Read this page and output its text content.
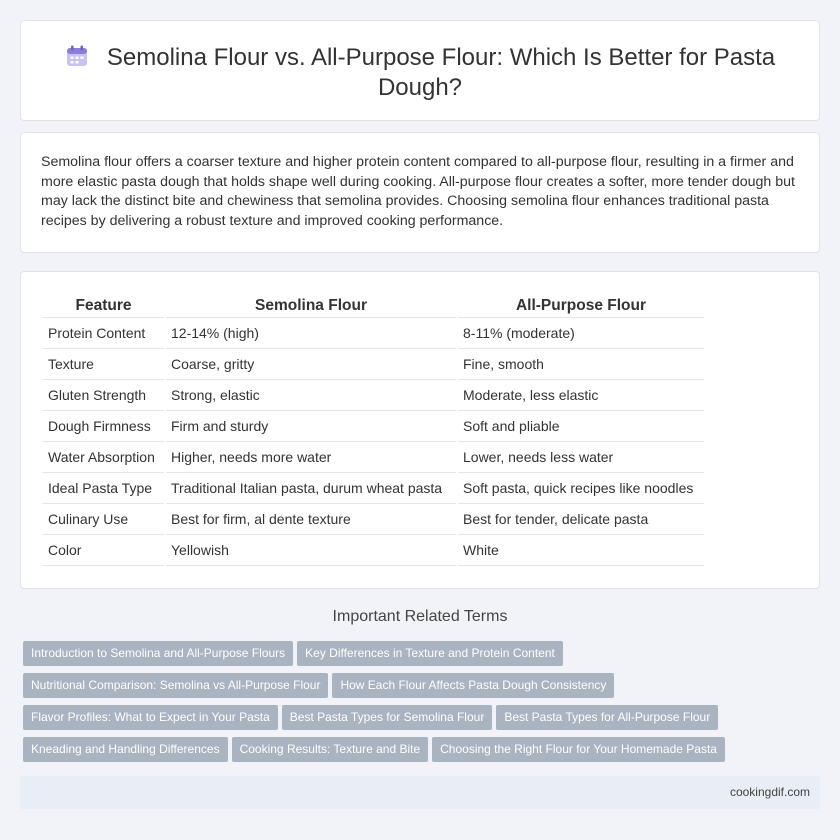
Semolina Flour vs. All-Purpose Flour: Which Is Better for Pasta Dough?

Semolina flour offers a coarser texture and higher protein content compared to all-purpose flour, resulting in a firmer and more elastic pasta dough that holds shape well during cooking. All-purpose flour creates a softer, more tender dough but may lack the distinct bite and chewiness that semolina provides. Choosing semolina flour enhances traditional pasta recipes by delivering a robust texture and improved cooking performance.

Feature	Semolina Flour	All-Purpose Flour
Protein Content	12-14% (high)	8-11% (moderate)
Texture	Coarse, gritty	Fine, smooth
Gluten Strength	Strong, elastic	Moderate, less elastic
Dough Firmness	Firm and sturdy	Soft and pliable
Water Absorption	Higher, needs more water	Lower, needs less water
Ideal Pasta Type	Traditional Italian pasta, durum wheat pasta	Soft pasta, quick recipes like noodles
Culinary Use	Best for firm, al dente texture	Best for tender, delicate pasta
Color	Yellowish	White
Important Related Terms
Introduction to Semolina and All-Purpose Flours Key Differences in Texture and Protein Content
Nutritional Comparison: Semolina vs All-Purpose Flour How Each Flour Affects Pasta Dough Consistency
Flavor Profiles: What to Expect in Your Pasta Best Pasta Types for Semolina Flour Best Pasta Types for All-Purpose Flour
Kneading and Handling Differences Cooking Results: Texture and Bite Choosing the Right Flour for Your Homemade Pasta
cookingdif.com
